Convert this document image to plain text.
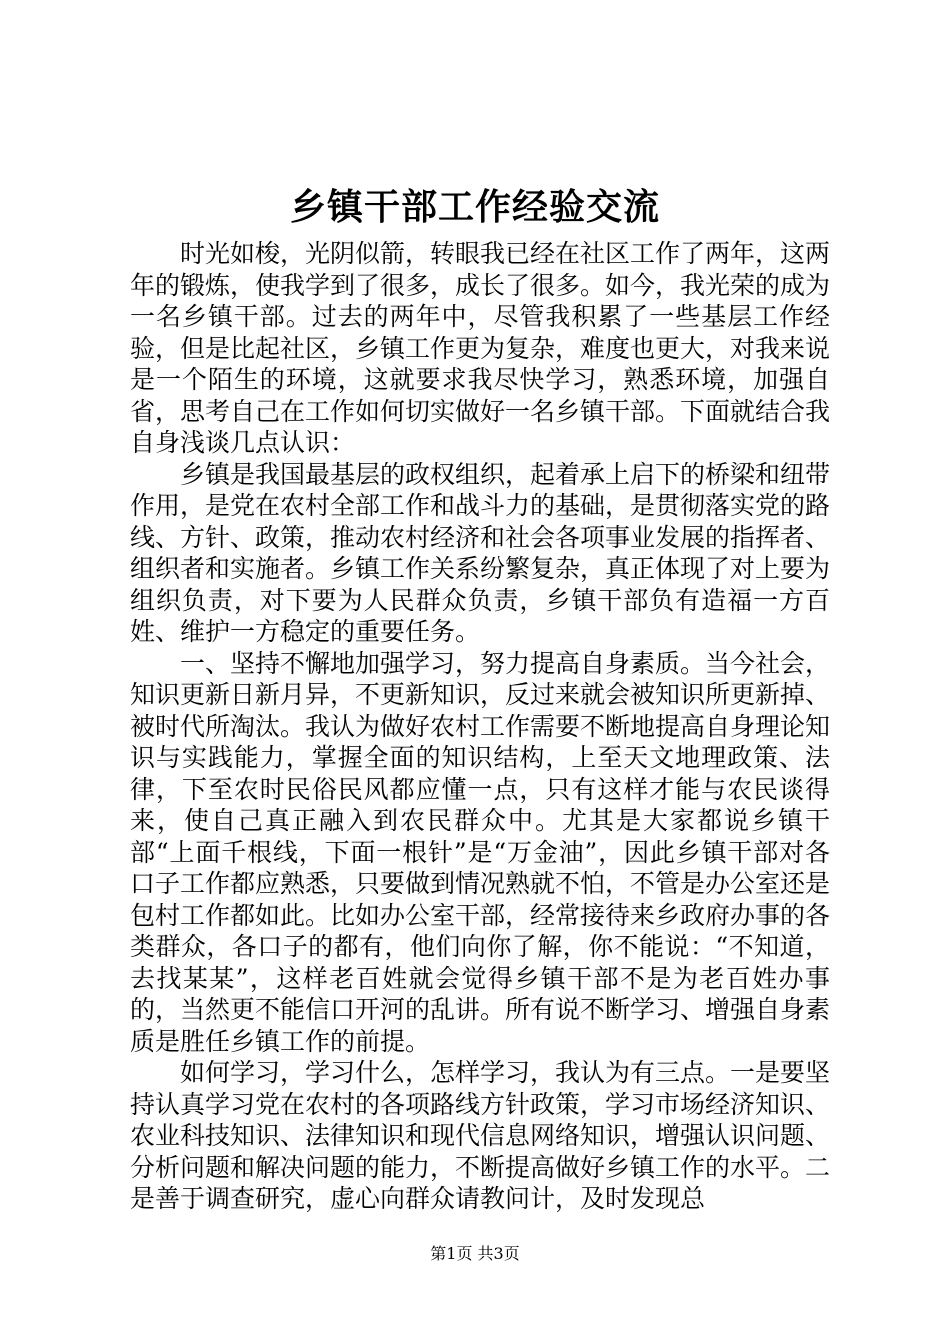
乡镇干部工作经验交流

时光如梭，光阴似箭，转眼我已经在社区工作了两年，这两年的锻炼，使我学到了很多，成长了很多。如今，我光荣的成为一名乡镇干部。过去的两年中，尽管我积累了一些基层工作经验，但是比起社区，乡镇工作更为复杂，难度也更大，对我来说是一个陌生的环境，这就要求我尽快学习，熟悉环境，加强自省，思考自己在工作如何切实做好一名乡镇干部。下面就结合我自身浅谈几点认识：

乡镇是我国最基层的政权组织，起着承上启下的桥梁和纽带作用，是党在农村全部工作和战斗力的基础，是贯彻落实党的路线、方针、政策，推动农村经济和社会各项事业发展的指挥者、组织者和实施者。乡镇工作关系纷繁复杂，真正体现了对上要为组织负责，对下要为人民群众负责，乡镇干部负有造福一方百姓、维护一方稳定的重要任务。

一、坚持不懈地加强学习，努力提高自身素质。当今社会，知识更新日新月异，不更新知识，反过来就会被知识所更新掉、被时代所淘汰。我认为做好农村工作需要不断地提高自身理论知识与实践能力，掌握全面的知识结构，上至天文地理政策、法律，下至农时民俗民风都应懂一点，只有这样才能与农民谈得来，使自己真正融入到农民群众中。尤其是大家都说乡镇干部“上面千根线，下面一根针”是“万金油”，因此乡镇干部对各口子工作都应熟悉，只要做到情况熟就不怕，不管是办公室还是包村工作都如此。比如办公室干部，经常接待来乡政府办事的各类群众，各口子的都有，他们向你了解，你不能说：“不知道，去找某某”，这样老百姓就会觉得乡镇干部不是为老百姓办事的，当然更不能信口开河的乱讲。所有说不断学习、增强自身素质是胜任乡镇工作的前提。

如何学习，学习什么，怎样学习，我认为有三点。一是要坚持认真学习党在农村的各项路线方针政策，学习市场经济知识、农业科技知识、法律知识和现代信息网络知识，增强认识问题、分析问题和解决问题的能力，不断提高做好乡镇工作的水平。二是善于调查研究，虚心向群众请教问计，及时发现总

第1页 共3页
